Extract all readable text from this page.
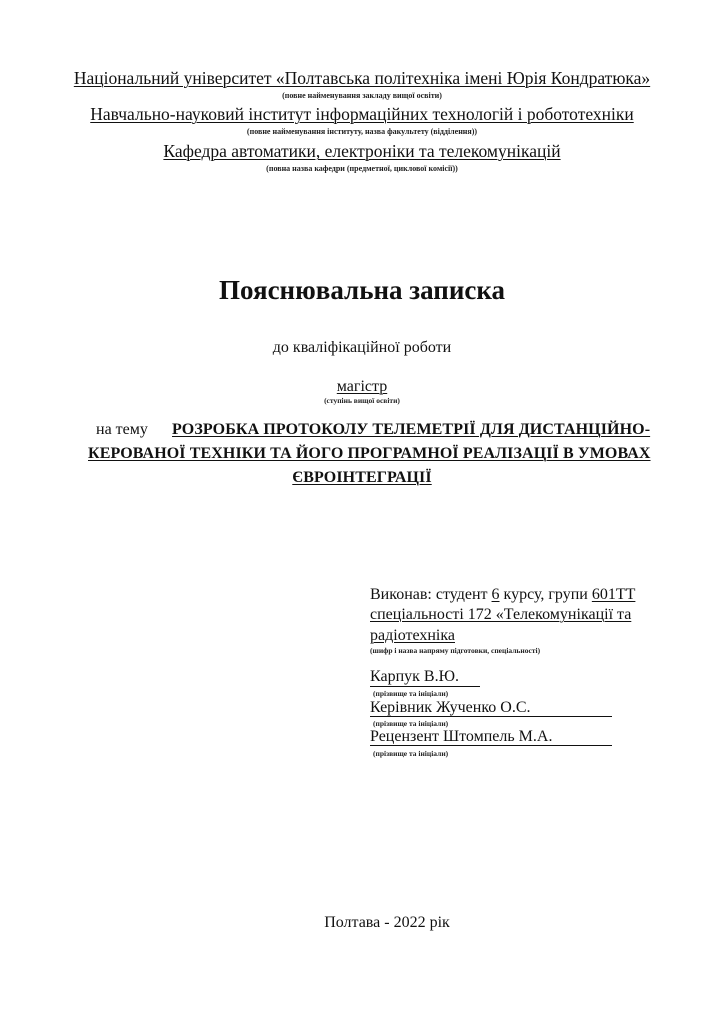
Національний університет «Полтавська політехніка імені Юрія Кондратюка»
(повне найменування закладу вищої освіти)
Навчально-науковий інститут інформаційних технологій і робототехніки
(повне найменування інституту, назва факультету (відділення))
Кафедра автоматики, електроніки та телекомунікацій
(повна назва кафедри (предметної, циклової комісії))
Пояснювальна записка
до кваліфікаційної роботи
магістр
(ступінь вищої освіти)
на тему РОЗРОБКА ПРОТОКОЛУ ТЕЛЕМЕТРІЇ ДЛЯ ДИСТАНЦІЙНО-
КЕРОВАНОЇ ТЕХНІКИ ТА ЙОГО ПРОГРАМНОЇ РЕАЛІЗАЦІЇ В УМОВАХ
ЄВРОІНТЕГРАЦІЇ
Виконав: студент 6 курсу, групи 601ТТ
спеціальності 172 «Телекомунікації та
радіотехніка
(шифр і назва напряму підготовки, спеціальності)
Карпук В.Ю.
(прізвище та ініціали)
Керівник Жученко О.С.
(прізвище та ініціали)
Рецензент Штомпель М.А.
(прізвище та ініціали)
Полтава - 2022 рік
